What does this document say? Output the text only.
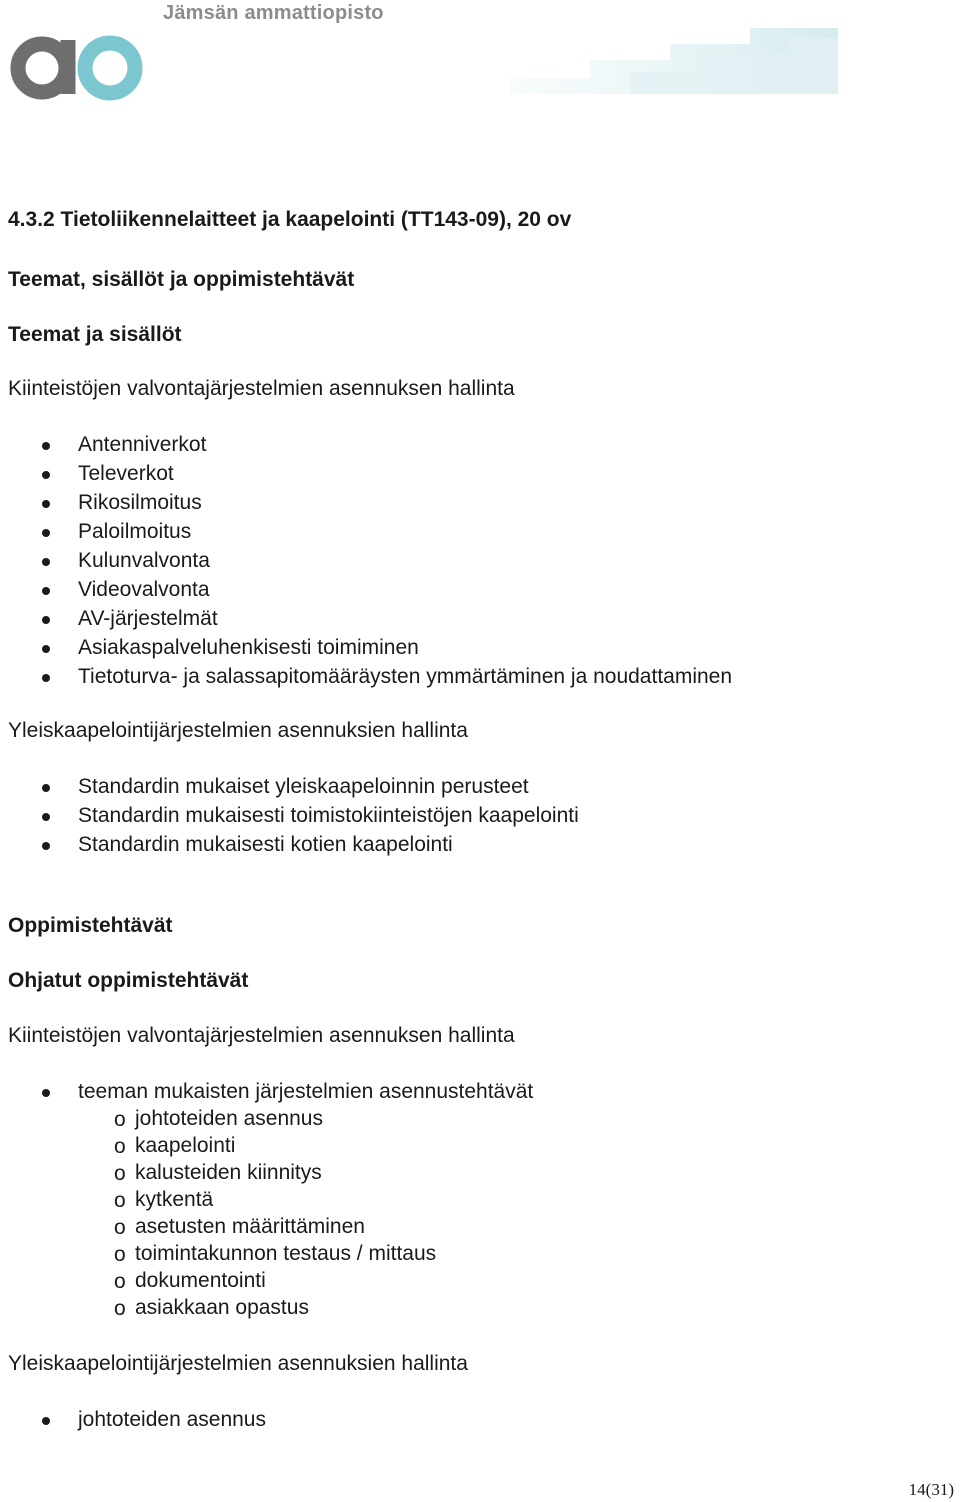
Jämsän ammattiopisto
4.3.2 Tietoliikennelaitteet ja kaapelointi (TT143-09), 20 ov
Teemat, sisällöt ja oppimistehtävät
Teemat ja sisällöt
Kiinteistöjen valvontajärjestelmien asennuksen hallinta
Antenniverkot
Televerkot
Rikosilmoitus
Paloilmoitus
Kulunvalvonta
Videovalvonta
AV-järjestelmät
Asiakaspalveluhenkisesti toimiminen
Tietoturva- ja salassapitomääräysten ymmärtäminen ja noudattaminen
Yleiskaapelointijärjestelmien asennuksien hallinta
Standardin mukaiset yleiskaapeloinnin perusteet
Standardin mukaisesti toimistokiinteistöjen kaapelointi
Standardin mukaisesti kotien kaapelointi
Oppimistehtävät
Ohjatut oppimistehtävät
Kiinteistöjen valvontajärjestelmien asennuksen hallinta
teeman mukaisten järjestelmien asennustehtävät
o johtoteiden asennus
o kaapelointi
o kalusteiden kiinnitys
o kytkentä
o asetusten määrittäminen
o toimintakunnon testaus / mittaus
o dokumentointi
o asiakkaan opastus
Yleiskaapelointijärjestelmien asennuksien hallinta
johtoteiden asennus
14(31)
